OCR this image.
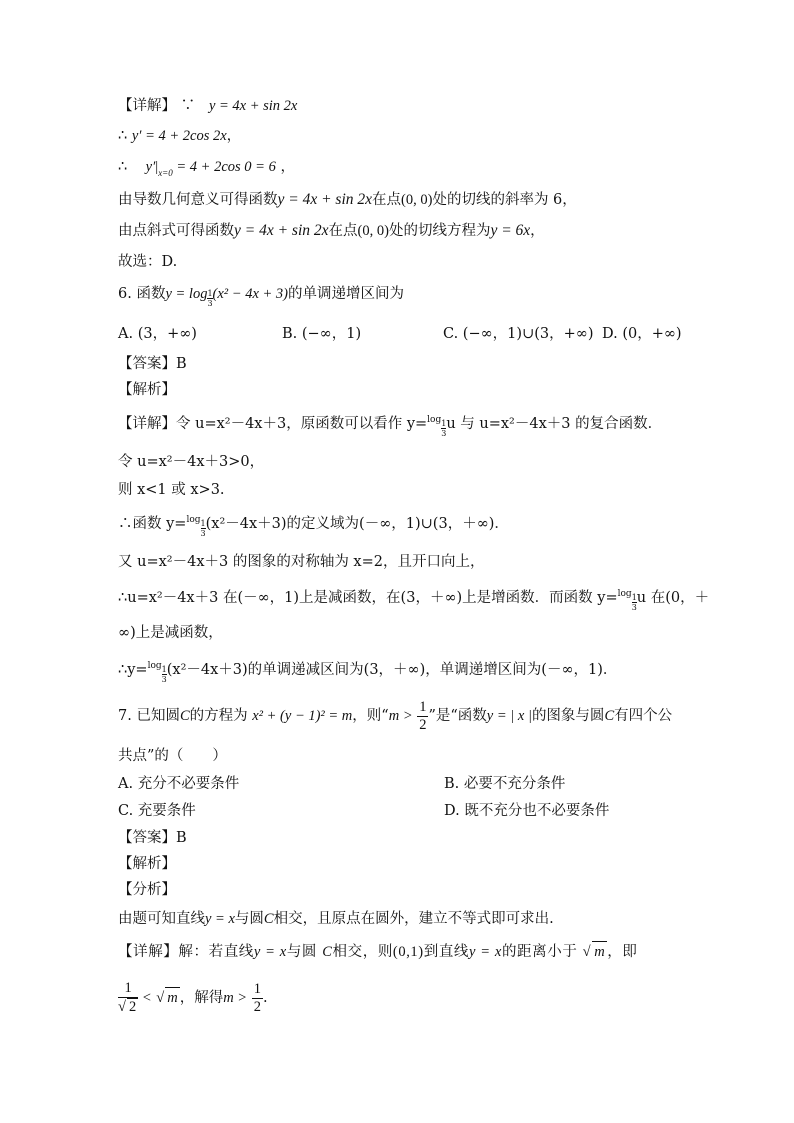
【详解】 ∵ y = 4x + sin 2x
∴ y′ = 4 + 2cos 2x，
∴ $y'|_{x=0} = 4 + 2\cos$ 0 = 6 ，
由导数几何意义可得函数y = 4x + sin 2x在点(0, 0)处的切线的斜率为 6，
由点斜式可得函数y = 4x + sin 2x在点(0, 0)处的切线方程为y = 6x，
故选：D.
6. 函数$y = \log \frac{1}{3}(x^2 - 4x + 3)$的单调递增区间为
A. (3，+∞)	B. (−∞，1)	C. (−∞，1)∪(3，+∞) D. (0，+∞)
【答案】B
【解析】
【详解】令 u=x²－4x＋3，原函数可以看作 $y=^{log} \frac{1}{3}u$ 与 u=x²－4x＋3 的复合函数．
令 u=x²－4x＋3>0，
则 x<1 或 x>3.
∴函数 $y=^{log} \frac{1}{3}(x^2-4x+3)$的定义域为(－∞，1)∪(3，＋∞)．
又 u=x²－4x＋3 的图象的对称轴为 x=2，且开口向上，
∴u=x²－4x＋3 在(－∞，1)上是减函数，在(3，＋∞)上是增函数．而函数 $y=^{log} \frac{1}{3}u$ 在(0，＋
∞)上是减函数，
∴y=$^{log}$ $\frac{1}{3}(x^2-4x+3)$的单调递减区间为(3，＋∞)，单调递增区间为(－∞，1)．
7. 已知圆C的方程为 x² + (y − 1)² = m，则“$m > \frac{1}{2}$ ”是“函数y = | x |的图象与圆C有四个公
共点”的（　　）
A. 充分不必要条件	B. 必要不充分条件
C. 充要条件	D. 既不充分也不必要条件
【答案】B
【解析】
【分析】
由题可知直线y = x与圆C相交，且原点在圆外，建立不等式即可求出.
【详解】解：若直线y = x与圆 C相交，则(0,1)到直线y = x的距离小于 √ m ，即
$\frac{1}{√ 2}$ < √ m ，解得$m > \frac{1}{2}$ .
